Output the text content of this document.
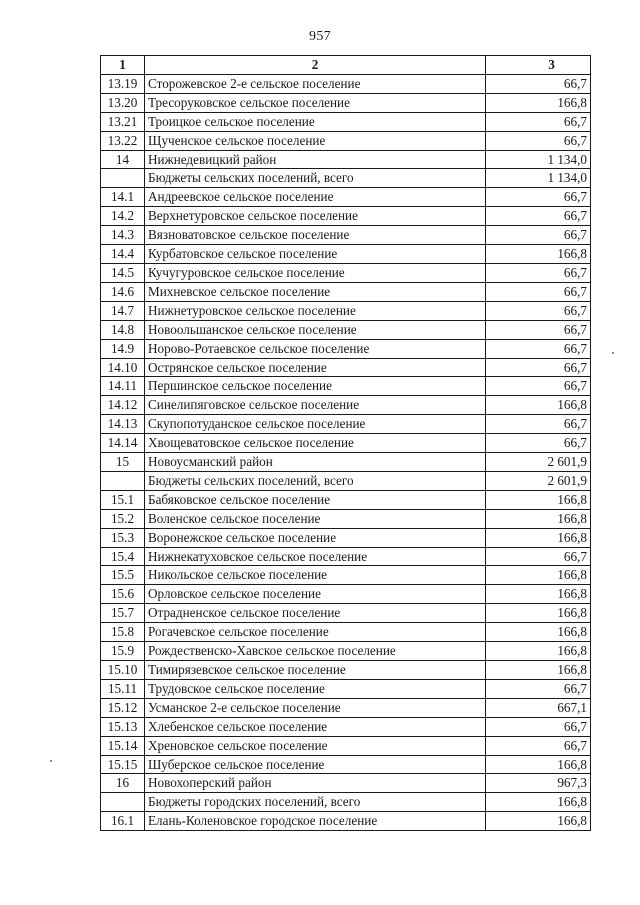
957
1	2	3
13.19	Сторожевское 2-е сельское поселение	66,7
13.20	Тресоруковское сельское поселение	166,8
13.21	Троицкое сельское поселение	66,7
13.22	Щученское сельское поселение	66,7
14	Нижнедевицкий район	1 134,0
	Бюджеты сельских поселений, всего	1 134,0
14.1	Андреевское сельское поселение	66,7
14.2	Верхнетуровское сельское поселение	66,7
14.3	Вязноватовское сельское поселение	66,7
14.4	Курбатовское сельское поселение	166,8
14.5	Кучугуровское сельское поселение	66,7
14.6	Михневское сельское поселение	66,7
14.7	Нижнетуровское сельское поселение	66,7
14.8	Новоольшанское сельское поселение	66,7
14.9	Норово-Ротаевское сельское поселение	66,7
14.10	Острянское сельское поселение	66,7
14.11	Першинское сельское поселение	66,7
14.12	Синелипяговское сельское поселение	166,8
14.13	Скупопотуданское сельское поселение	66,7
14.14	Хвощеватовское сельское поселение	66,7
15	Новоусманский район	2 601,9
	Бюджеты сельских поселений, всего	2 601,9
15.1	Бабяковское сельское поселение	166,8
15.2	Воленское сельское поселение	166,8
15.3	Воронежское сельское поселение	166,8
15.4	Нижнекатуховское сельское поселение	66,7
15.5	Никольское сельское поселение	166,8
15.6	Орловское сельское поселение	166,8
15.7	Отрадненское сельское поселение	166,8
15.8	Рогачевское сельское поселение	166,8
15.9	Рождественско-Хавское сельское поселение	166,8
15.10	Тимирязевское сельское поселение	166,8
15.11	Трудовское сельское поселение	66,7
15.12	Усманское 2-е сельское поселение	667,1
15.13	Хлебенское сельское поселение	66,7
15.14	Хреновское сельское поселение	66,7
15.15	Шуберское сельское поселение	166,8
16	Новохоперский район	967,3
	Бюджеты городских поселений, всего	166,8
16.1	Елань-Коленовское городское поселение	166,8
